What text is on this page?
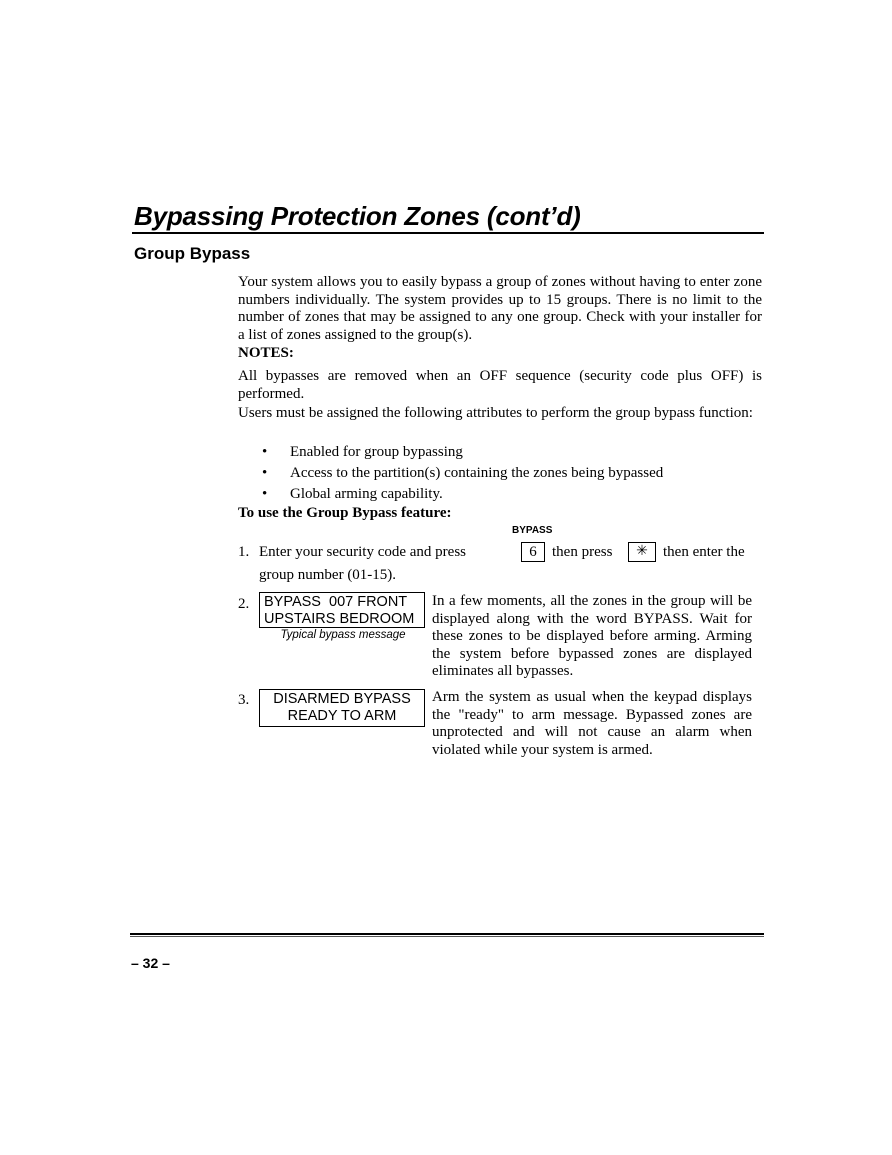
Bypassing Protection Zones (cont’d)
Group Bypass

Your system allows you to easily bypass a group of zones without having to enter zone numbers individually. The system provides up to 15 groups. There is no limit to the number of zones that may be assigned to any one group. Check with your installer for a list of zones assigned to the group(s).

NOTES:

All bypasses are removed when an OFF sequence (security code plus OFF) is performed.

Users must be assigned the following attributes to perform the group bypass function:

• Enabled for group bypassing
• Access to the partition(s) containing the zones being bypassed
• Global arming capability.

To use the Group Bypass feature:

BYPASS
1. Enter your security code and press	6	then press	✳	then enter the
group number (01-15).
2. BYPASS  007 FRONT
UPSTAIRS BEDROOM
Typical bypass message

In a few moments, all the zones in the group will be displayed along with the word BYPASS. Wait for these zones to be displayed before arming. Arming the system before bypassed zones are displayed eliminates all bypasses.

3.	DISARMED BYPASS
READY TO ARM

Arm the system as usual when the keypad displays the "ready" to arm message. Bypassed zones are unprotected and will not cause an alarm when violated while your system is armed.

– 32 –
